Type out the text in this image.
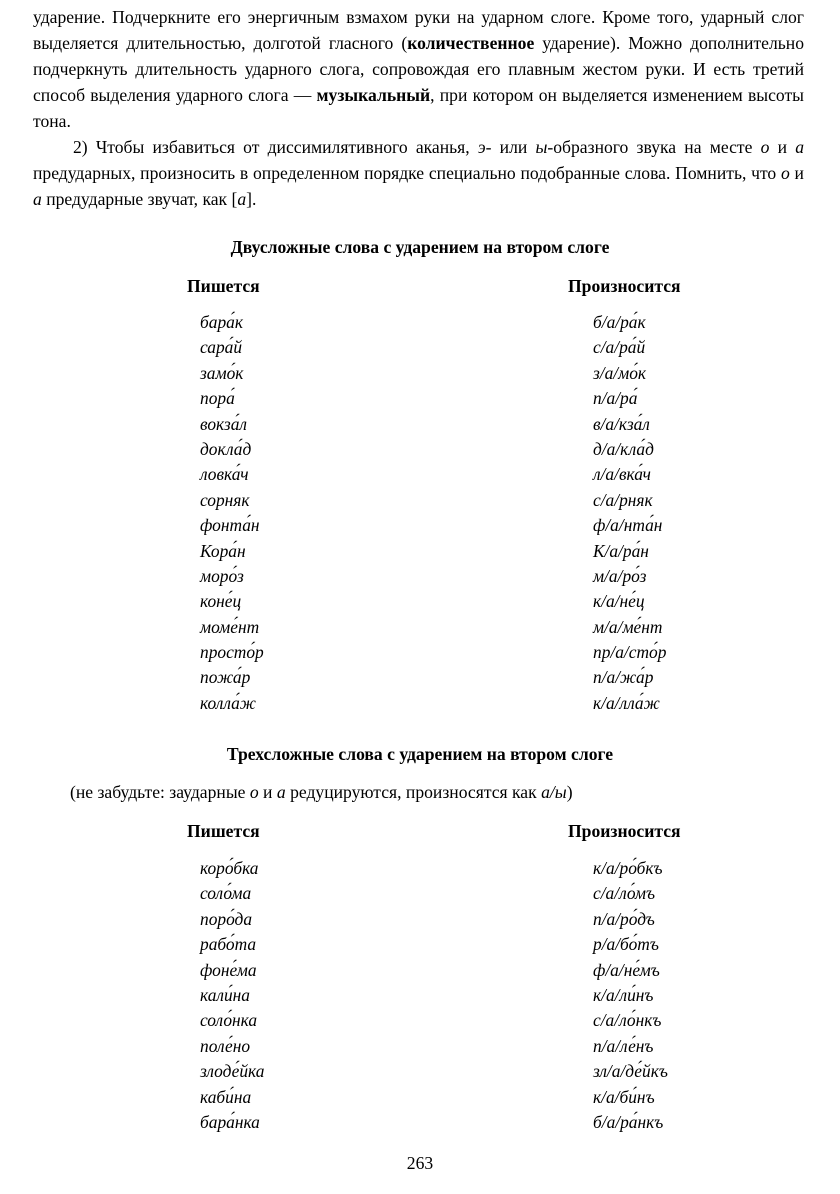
ударение. Подчеркните его энергичным взмахом руки на ударном слоге. Кроме того, ударный слог выделяется длительностью, долготой гласного (количественное ударение). Можно дополнительно подчеркнуть длительность ударного слога, сопровождая его плавным жестом руки. И есть третий способ выделения ударного слога — музыкальный, при котором он выделяется изменением высоты тона.

2) Чтобы избавиться от диссимилятивного аканья, э- или ы-образного звука на месте о и а предударных, произносить в определенном порядке специально подобранные слова. Помнить, что о и а предударные звучат, как [а].

Двусложные слова с ударением на втором слоге
Пишется	Произносится
бара́к
сара́й
замо́к
пора́
вокза́л
докла́д
ловка́ч
сорняк
фонта́н
Кора́н
моро́з
коне́ц
моме́нт
просто́р
пожа́р
колла́ж
б/а/ра́к
с/а/ра́й
з/а/мо́к
п/а/ра́
в/а/кза́л
д/а/кла́д
л/а/вка́ч
с/а/рняк
ф/а/нта́н
К/а/ра́н
м/а/ро́з
к/а/не́ц
м/а/ме́нт
пр/а/сто́р
п/а/жа́р
к/а/лла́ж
Трехсложные слова с ударением на втором слоге
(не забудьте: заударные о и а редуцируются, произносятся как а/ы)
Пишется	Произносится
коро́бка
соло́ма
поро́да
рабо́та
фоне́ма
кали́на
соло́нка
поле́но
злоде́йка
каби́на
бара́нка
к/а/ро́бкъ
с/а/ло́мъ
п/а/ро́дъ
р/а/бо́тъ
ф/а/не́мъ
к/а/ли́нъ
с/а/ло́нкъ
п/а/ле́нъ
зл/а/де́йкъ
к/а/би́нъ
б/а/ра́нкъ
263
